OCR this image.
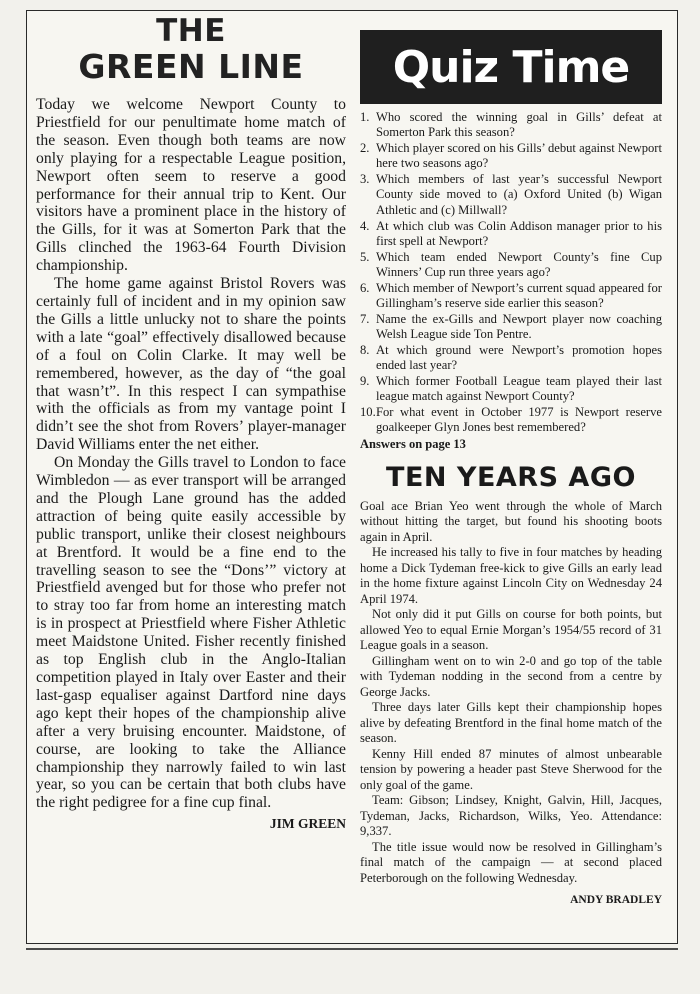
THE

GREEN LINE

Today we welcome Newport County to Priestfield for our penultimate home match of the season. Even though both teams are now only playing for a respectable League position, Newport often seem to reserve a good performance for their annual trip to Kent. Our visitors have a prominent place in the history of the Gills, for it was at Somerton Park that the Gills clinched the 1963-64 Fourth Division championship.

The home game against Bristol Rovers was certainly full of incident and in my opinion saw the Gills a little unlucky not to share the points with a late “goal” effectively disallowed because of a foul on Colin Clarke. It may well be remembered, however, as the day of “the goal that wasn’t”. In this respect I can sympathise with the officials as from my vantage point I didn’t see the shot from Rovers’ player-manager David Williams enter the net either.

On Monday the Gills travel to London to face Wimbledon — as ever transport will be arranged and the Plough Lane ground has the added attraction of being quite easily accessible by public transport, unlike their closest neighbours at Brentford. It would be a fine end to the travelling season to see the “Dons’” victory at Priestfield avenged but for those who prefer not to stray too far from home an interesting match is in prospect at Priestfield where Fisher Athletic meet Maidstone United. Fisher recently finished as top English club in the Anglo-Italian competition played in Italy over Easter and their last-gasp equaliser against Dartford nine days ago kept their hopes of the championship alive after a very bruising encounter. Maidstone, of course, are looking to take the Alliance championship they narrowly failed to win last year, so you can be certain that both clubs have the right pedigree for a fine cup final.

JIM GREEN
Quiz Time
1. Who scored the winning goal in Gills’ defeat at Somerton Park this season?
2. Which player scored on his Gills’ debut against Newport here two seasons ago?
3. Which members of last year’s successful Newport County side moved to (a) Oxford United (b) Wigan Athletic and (c) Millwall?
4. At which club was Colin Addison manager prior to his first spell at Newport?
5. Which team ended Newport County’s fine Cup Winners’ Cup run three years ago?
6. Which member of Newport’s current squad appeared for Gillingham’s reserve side earlier this season?
7. Name the ex-Gills and Newport player now coaching Welsh League side Ton Pentre.
8. At which ground were Newport’s promotion hopes ended last year?
9. Which former Football League team played their last league match against Newport County?
10. For what event in October 1977 is Newport reserve goalkeeper Glyn Jones best remembered?
Answers on page 13
TEN YEARS AGO

Goal ace Brian Yeo went through the whole of March without hitting the target, but found his shooting boots again in April.

He increased his tally to five in four matches by heading home a Dick Tydeman free-kick to give Gills an early lead in the home fixture against Lincoln City on Wednesday 24 April 1974.

Not only did it put Gills on course for both points, but allowed Yeo to equal Ernie Morgan’s 1954/55 record of 31 League goals in a season.

Gillingham went on to win 2-0 and go top of the table with Tydeman nodding in the second from a centre by George Jacks.

Three days later Gills kept their championship hopes alive by defeating Brentford in the final home match of the season.

Kenny Hill ended 87 minutes of almost unbearable tension by powering a header past Steve Sherwood for the only goal of the game.

Team: Gibson; Lindsey, Knight, Galvin, Hill, Jacques, Tydeman, Jacks, Richardson, Wilks, Yeo. Attendance: 9,337.

The title issue would now be resolved in Gillingham’s final match of the campaign — at second placed Peterborough on the following Wednesday.

ANDY BRADLEY
